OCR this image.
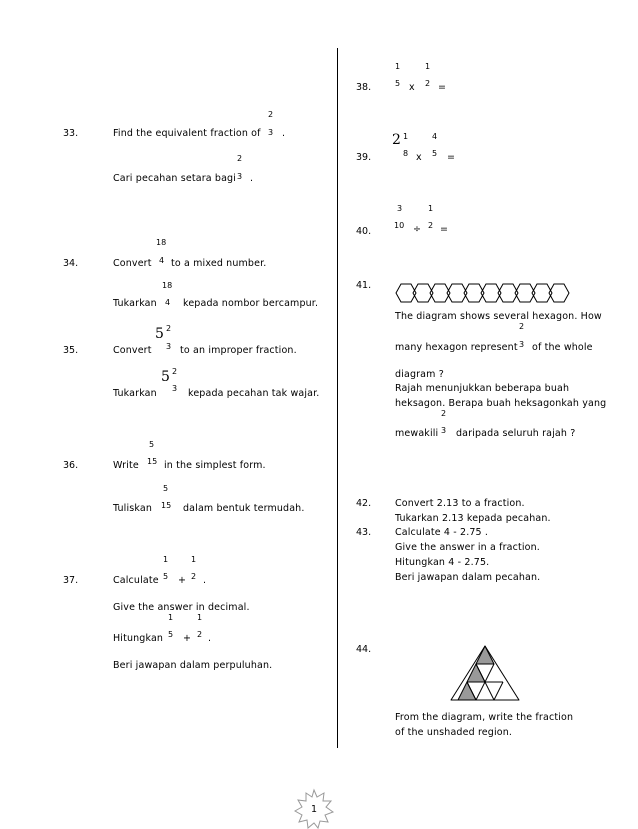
33.	Find the equivalent fraction of
2
3 .
Cari pecahan setara bagi
2
3 .
34.	Convert
18
4 to a mixed number.
Tukarkan
18
4 kepada nombor bercampur.
35.	Convert
5 2
3 to an improper fraction.
Tukarkan
5 2
3 kepada pecahan tak wajar.
36.	Write
5
15 in the simplest form.
Tuliskan
5
15 dalam bentuk termudah.
37.	Calculate
1
5 +
1
2 .
Give the answer in decimal.
Hitungkan
1
5 +
1
2 .
Beri jawapan dalam perpuluhan.
38.
1
5 x
1
2 =
39.
2 1
8 x
4
5 =
40.
3
10 ÷
1
2 =
41.
The diagram shows several hexagon. How
many hexagon represent
2
3 of the whole
diagram ?
Rajah menunjukkan beberapa buah
heksagon. Berapa buah heksagonkah yang
mewakili
2
3 daripada seluruh rajah ?
42.	Convert 2.13 to a fraction.
Tukarkan 2.13 kepada pecahan.
43.	Calculate 4 - 2.75 .
Give the answer in a fraction.
Hitungkan 4 - 2.75.
Beri jawapan dalam pecahan.
44.
From the diagram, write the fraction
of the unshaded region.
1
